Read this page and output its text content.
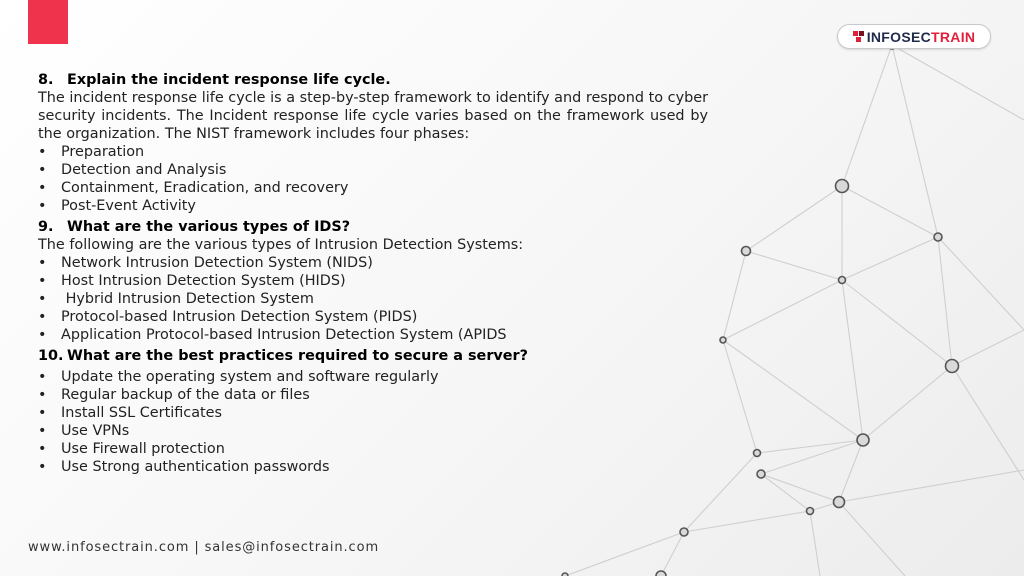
INFOSECTRAIN
8. Explain the incident response life cycle.
The incident response life cycle is a step-by-step framework to identify and respond to cyber security incidents. The Incident response life cycle varies based on the framework used by the organization. The NIST framework includes four phases:
• Preparation
• Detection and Analysis
• Containment, Eradication, and recovery
• Post-Event Activity
9. What are the various types of IDS?
The following are the various types of Intrusion Detection Systems:
• Network Intrusion Detection System (NIDS)
• Host Intrusion Detection System (HIDS)
•  Hybrid Intrusion Detection System
• Protocol-based Intrusion Detection System (PIDS)
• Application Protocol-based Intrusion Detection System (APIDS
10. What are the best practices required to secure a server?
• Update the operating system and software regularly
• Regular backup of the data or files
• Install SSL Certificates
• Use VPNs
• Use Firewall protection
• Use Strong authentication passwords
www.infosectrain.com | sales@infosectrain.com
